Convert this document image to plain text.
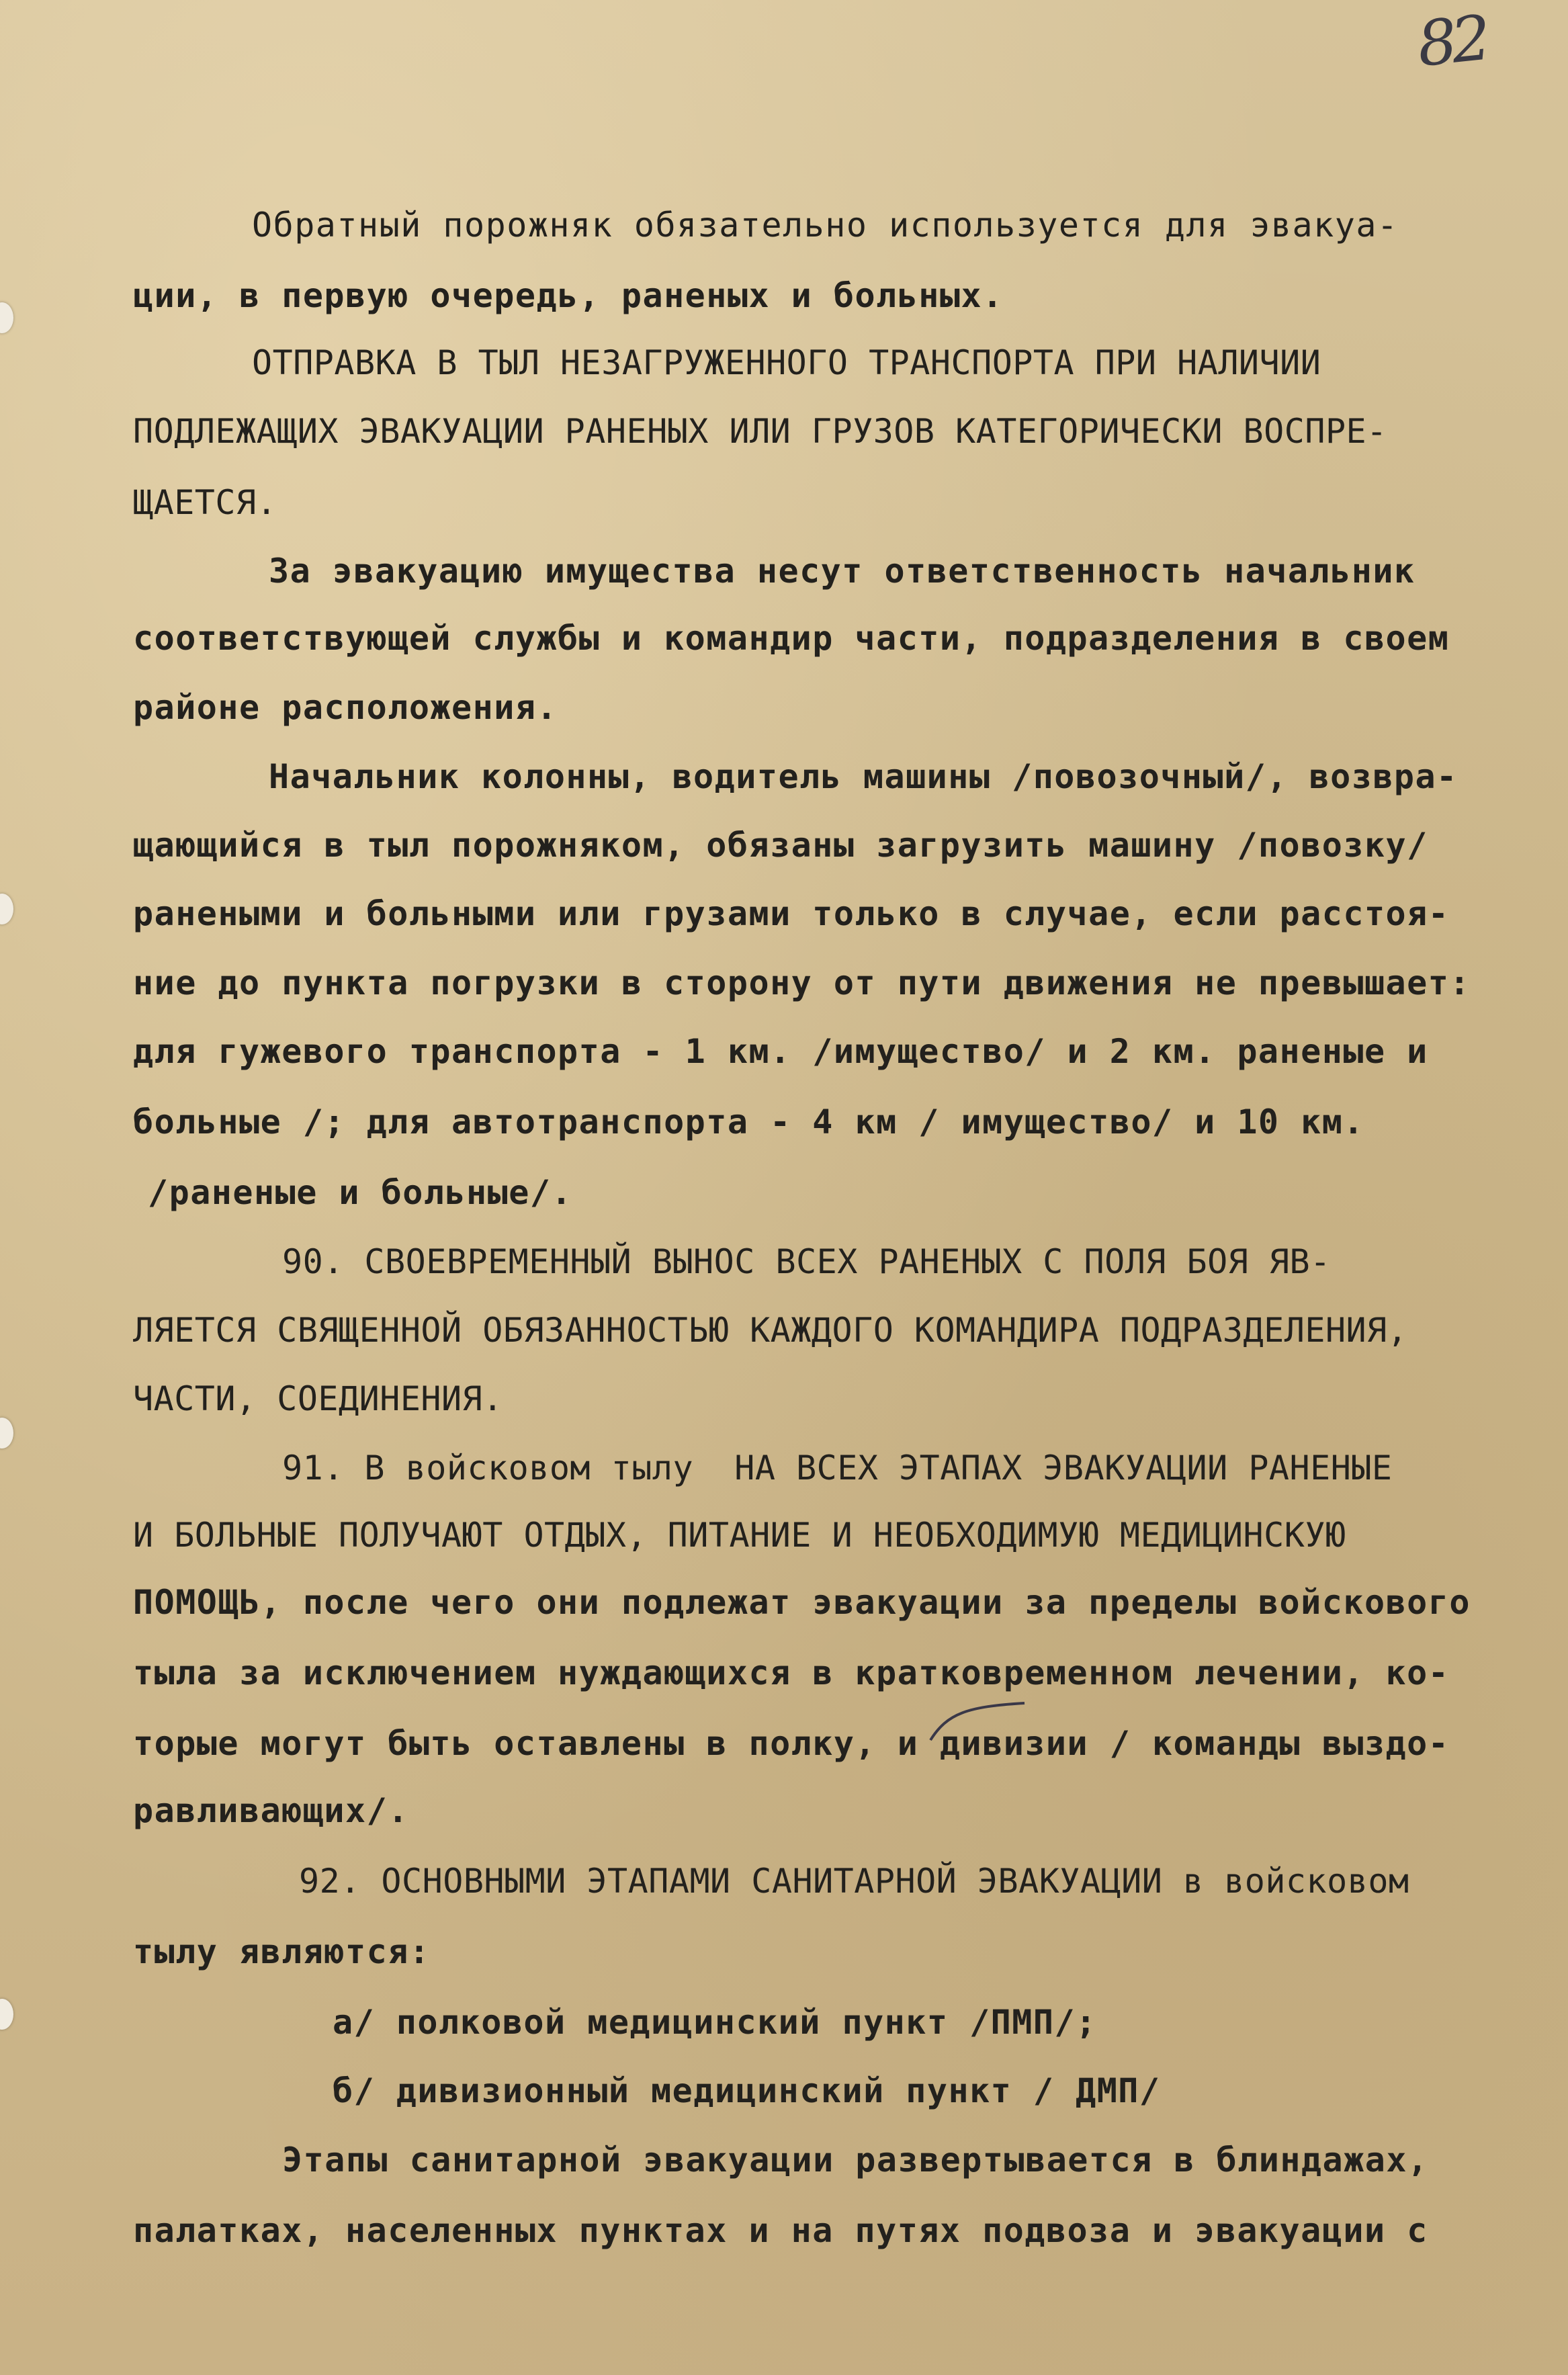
82
Обратный порожняк обязательно используется для эвакуа-
ции, в первую очередь, раненых и больных.
ОТПРАВКА В ТЫЛ НЕЗАГРУЖЕННОГО ТРАНСПОРТА ПРИ НАЛИЧИИ
ПОДЛЕЖАЩИХ ЭВАКУАЦИИ РАНЕНЫХ ИЛИ ГРУЗОВ КАТЕГОРИЧЕСКИ ВОСПРЕ-
ЩАЕТСЯ.
За эвакуацию имущества несут ответственность начальник
соответствующей службы и командир части, подразделения в своем
районе расположения.
Начальник колонны, водитель машины /повозочный/, возвра-
щающийся в тыл порожняком, обязаны загрузить машину /повозку/
ранеными и больными или грузами только в случае, если расстоя-
ние до пункта погрузки в сторону от пути движения не превышает:
для гужевого транспорта - 1 км. /имущество/ и 2 км. раненые и
больные /; для автотранспорта - 4 км / имущество/ и 10 км.
/раненые и больные/.
90. СВОЕВРЕМЕННЫЙ ВЫНОС ВСЕХ РАНЕНЫХ С ПОЛЯ БОЯ ЯВ-
ЛЯЕТСЯ СВЯЩЕННОЙ ОБЯЗАННОСТЬЮ КАЖДОГО КОМАНДИРА ПОДРАЗДЕЛЕНИЯ,
ЧАСТИ, СОЕДИНЕНИЯ.
91. В войсковом тылу  НА ВСЕХ ЭТАПАХ ЭВАКУАЦИИ РАНЕНЫЕ
И БОЛЬНЫЕ ПОЛУЧАЮТ ОТДЫХ, ПИТАНИЕ И НЕОБХОДИМУЮ МЕДИЦИНСКУЮ
ПОМОЩЬ, после чего они подлежат эвакуации за пределы войскового
тыла за исключением нуждающихся в кратковременном лечении, ко-
торые могут быть оставлены в полку, и дивизии / команды выздо-
равливающих/.
92. ОСНОВНЫМИ ЭТАПАМИ САНИТАРНОЙ ЭВАКУАЦИИ в войсковом
тылу являются:
а/ полковой медицинский пункт /ПМП/;
б/ дивизионный медицинский пункт / ДМП/
Этапы санитарной эвакуации развертывается в блиндажах,
палатках, населенных пунктах и на путях подвоза и эвакуации с
